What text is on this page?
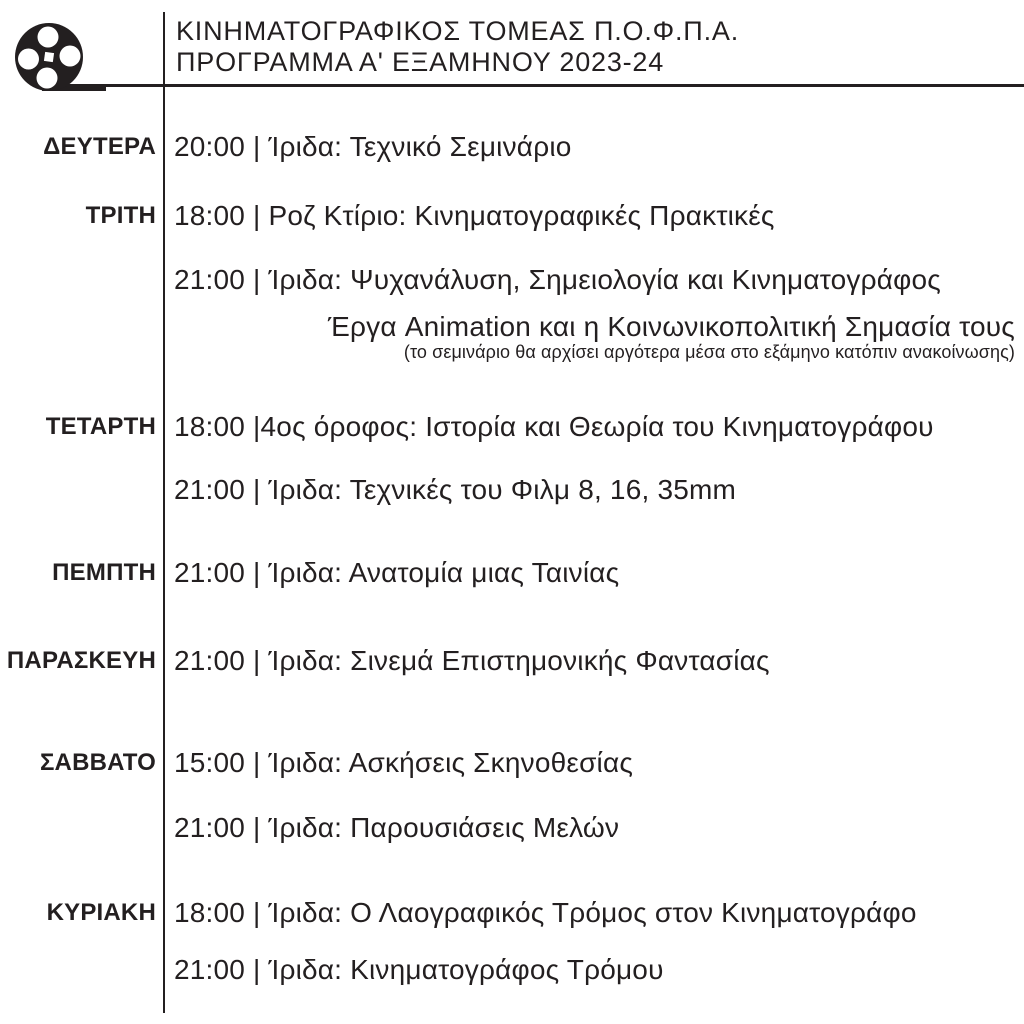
ΚΙΝΗΜΑΤΟΓΡΑΦΙΚΟΣ ΤΟΜΕΑΣ Π.Ο.Φ.Π.Α.
ΠΡΟΓΡΑΜΜΑ Α' ΕΞΑΜΗΝΟΥ 2023-24
ΔΕΥΤΕΡΑ 20:00 | Ίριδα: Τεχνικό Σεμινάριο
ΤΡΙΤΗ 18:00 | Ροζ Κτίριο: Κινηματογραφικές Πρακτικές
21:00 | Ίριδα: Ψυχανάλυση, Σημειολογία και Κινηματογράφος
Έργα Animation και η Κοινωνικοπολιτική Σημασία τους
(το σεμινάριο θα αρχίσει αργότερα μέσα στο εξάμηνο κατόπιν ανακοίνωσης)
ΤΕΤΑΡΤΗ 18:00 |4ος όροφος: Ιστορία και Θεωρία του Κινηματογράφου
21:00 | Ίριδα: Τεχνικές του Φιλμ 8, 16, 35mm
ΠΕΜΠΤΗ 21:00 | Ίριδα: Ανατομία μιας Ταινίας
ΠΑΡΑΣΚΕΥΗ 21:00 | Ίριδα: Σινεμά Επιστημονικής Φαντασίας
ΣΑΒΒΑΤΟ 15:00 | Ίριδα: Ασκήσεις Σκηνοθεσίας
21:00 | Ίριδα: Παρουσιάσεις Μελών
ΚΥΡΙΑΚΗ 18:00 | Ίριδα: Ο Λαογραφικός Τρόμος στον Κινηματογράφο
21:00 | Ίριδα: Κινηματογράφος Τρόμου
